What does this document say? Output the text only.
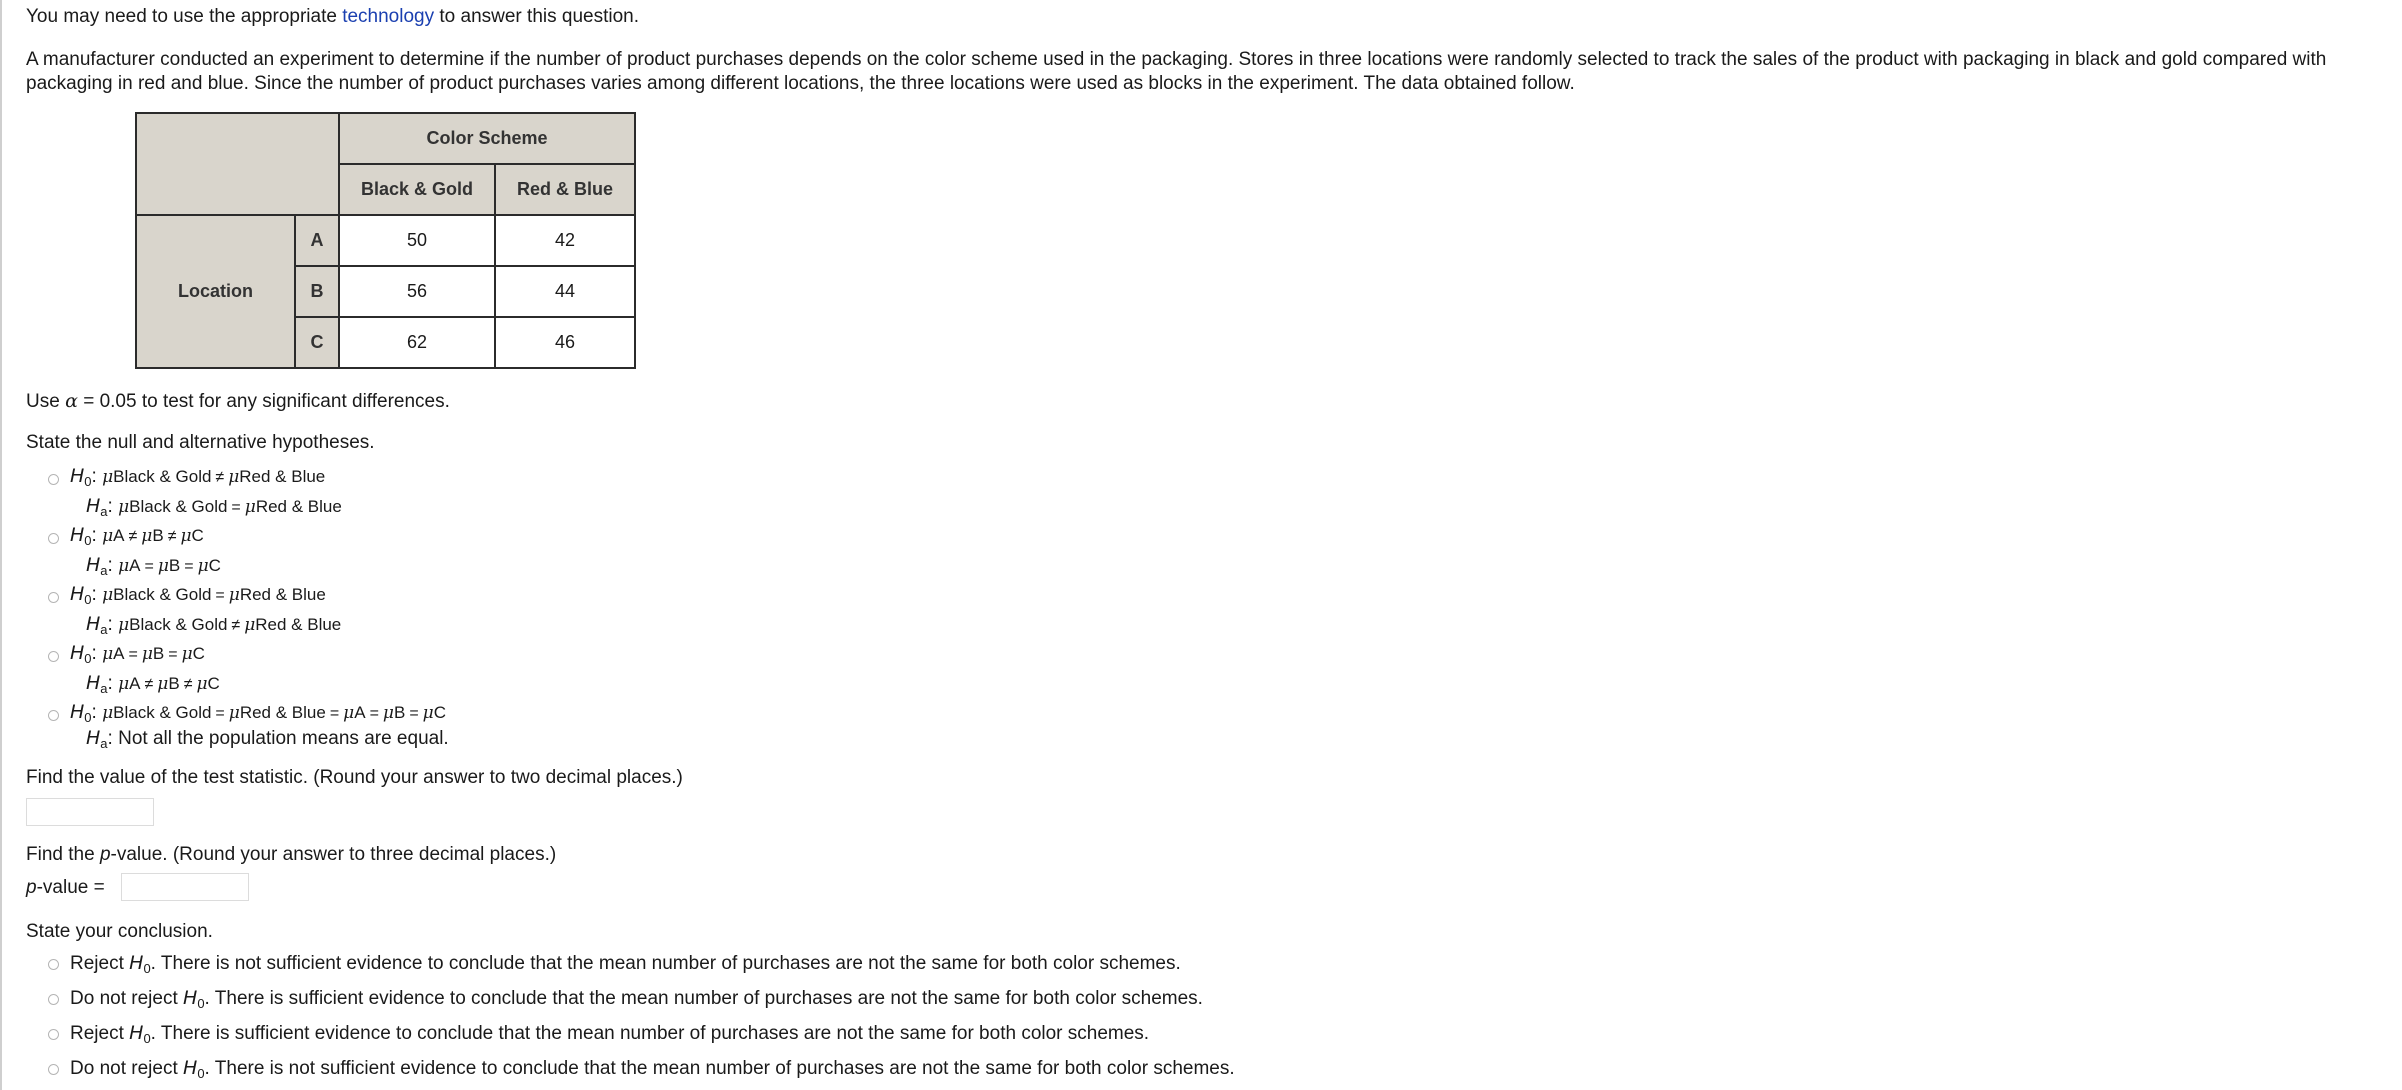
You may need to use the appropriate technology to answer this question.
A manufacturer conducted an experiment to determine if the number of product purchases depends on the color scheme used in the packaging. Stores in three locations were randomly selected to track the sales of the product with packaging in black and gold compared with packaging in red and blue. Since the number of product purchases varies among different locations, the three locations were used as blocks in the experiment. The data obtained follow.
		Color Scheme	
		Black & Gold	Red & Blue
Location	A	50	42
	B	56	44
	C	62	46
Use α = 0.05 to test for any significant differences.
State the null and alternative hypotheses.
$H_0$: μBlack & Gold ≠ μRed & Blue
$H_a$: μBlack & Gold = μRed & Blue
$H_0$: μA ≠ μB ≠ μC
$H_a$: μA = μB = μC
$H_0$: μBlack & Gold = μRed & Blue
$H_a$: μBlack & Gold ≠ μRed & Blue
$H_0$: μA = μB = μC
$H_a$: μA ≠ μB ≠ μC
$H_0$: μBlack & Gold = μRed & Blue = μA = μB = μC
$H_a$: Not all the population means are equal.
Find the value of the test statistic. (Round your answer to two decimal places.)
Find the p-value. (Round your answer to three decimal places.)
p-value =
State your conclusion.
Reject $H_0$. There is not sufficient evidence to conclude that the mean number of purchases are not the same for both color schemes.
Do not reject $H_0$. There is sufficient evidence to conclude that the mean number of purchases are not the same for both color schemes.
Reject $H_0$. There is sufficient evidence to conclude that the mean number of purchases are not the same for both color schemes.
Do not reject $H_0$. There is not sufficient evidence to conclude that the mean number of purchases are not the same for both color schemes.
